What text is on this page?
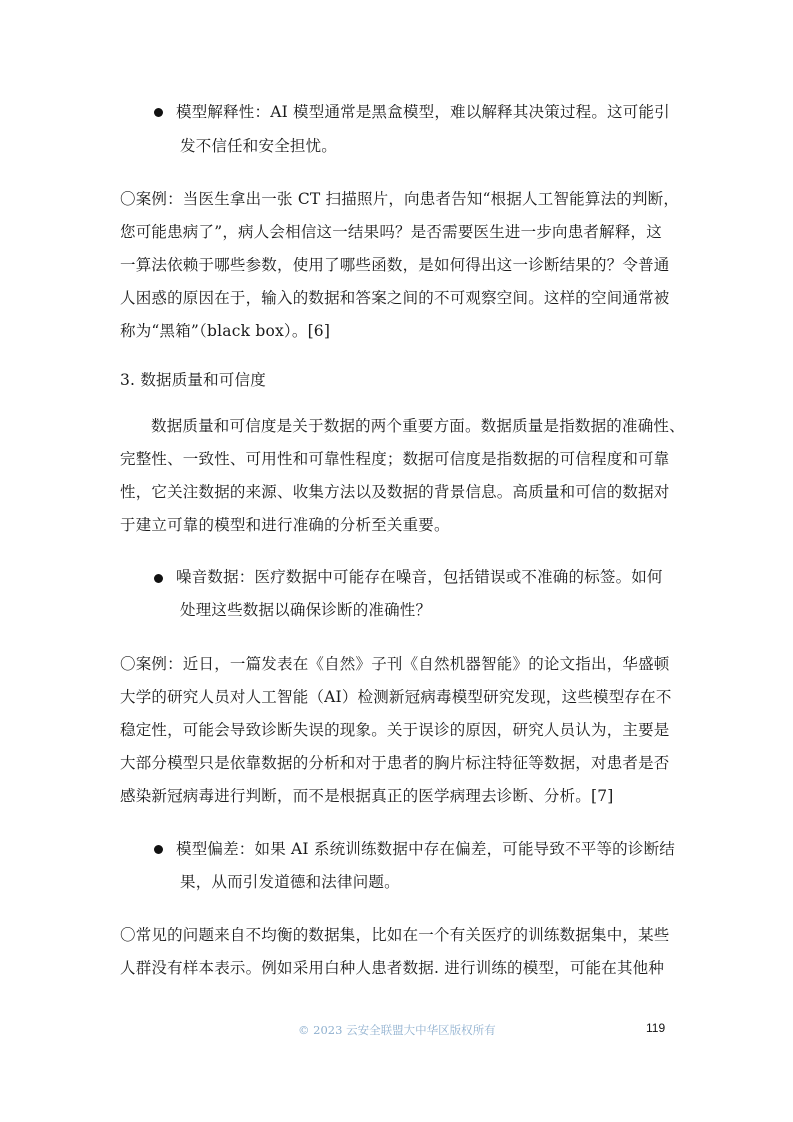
模型解释性：AI 模型通常是黑盒模型，难以解释其决策过程。这可能引
发不信任和安全担忧。
〇案例：当医生拿出一张 CT 扫描照片，向患者告知“根据人工智能算法的判断，
您可能患病了”，病人会相信这一结果吗？是否需要医生进一步向患者解释，这
一算法依赖于哪些参数，使用了哪些函数，是如何得出这一诊断结果的？令普通
人困惑的原因在于，输入的数据和答案之间的不可观察空间。这样的空间通常被
称为“黑箱”（black box）。[6]
3. 数据质量和可信度
数据质量和可信度是关于数据的两个重要方面。数据质量是指数据的准确性、
完整性、一致性、可用性和可靠性程度；数据可信度是指数据的可信程度和可靠
性，它关注数据的来源、收集方法以及数据的背景信息。高质量和可信的数据对
于建立可靠的模型和进行准确的分析至关重要。
噪音数据：医疗数据中可能存在噪音，包括错误或不准确的标签。如何
处理这些数据以确保诊断的准确性？
〇案例：近日，一篇发表在《自然》子刊《自然机器智能》的论文指出，华盛顿
大学的研究人员对人工智能（AI）检测新冠病毒模型研究发现，这些模型存在不
稳定性，可能会导致诊断失误的现象。关于误诊的原因，研究人员认为，主要是
大部分模型只是依靠数据的分析和对于患者的胸片标注特征等数据，对患者是否
感染新冠病毒进行判断，而不是根据真正的医学病理去诊断、分析。[7]
模型偏差：如果 AI 系统训练数据中存在偏差，可能导致不平等的诊断结
果，从而引发道德和法律问题。
〇常见的问题来自不均衡的数据集，比如在一个有关医疗的训练数据集中，某些
人群没有样本表示。例如采用白种人患者数据. 进行训练的模型，可能在其他种
© 2023 云安全联盟大中华区版权所有	119
